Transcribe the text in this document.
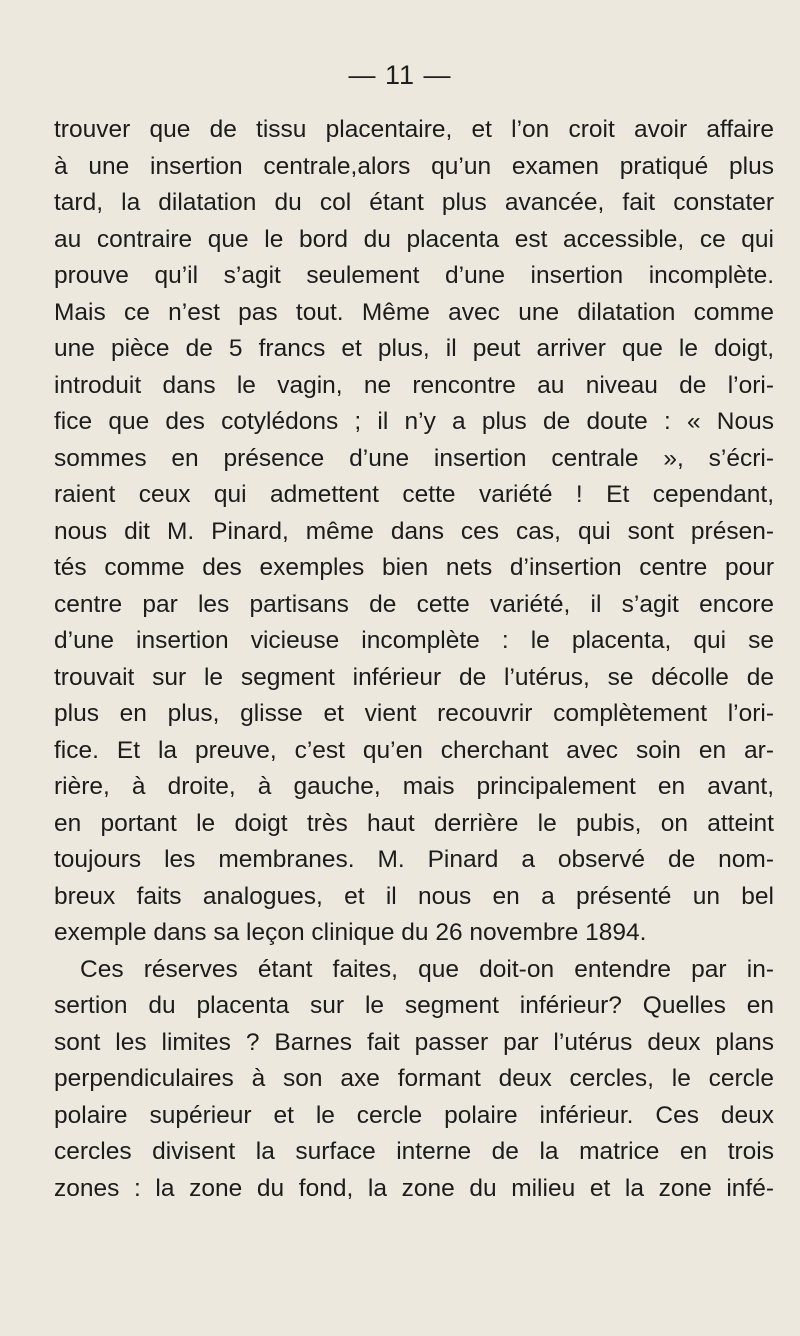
— 11 —
trouver que de tissu placentaire, et l’on croit avoir affaire
à une insertion centrale,alors qu’un examen pratiqué plus
tard, la dilatation du col étant plus avancée, fait constater
au contraire que le bord du placenta est accessible, ce qui
prouve qu’il s’agit seulement d’une insertion incomplète.
Mais ce n’est pas tout. Même avec une dilatation comme
une pièce de 5 francs et plus, il peut arriver que le doigt,
introduit dans le vagin, ne rencontre au niveau de l’ori-
fice que des cotylédons ; il n’y a plus de doute : « Nous
sommes en présence d’une insertion centrale », s’écri-
raient ceux qui admettent cette variété ! Et cependant,
nous dit M. Pinard, même dans ces cas, qui sont présen-
tés comme des exemples bien nets d’insertion centre pour
centre par les partisans de cette variété, il s’agit encore
d’une insertion vicieuse incomplète : le placenta, qui se
trouvait sur le segment inférieur de l’utérus, se décolle de
plus en plus, glisse et vient recouvrir complètement l’ori-
fice. Et la preuve, c’est qu’en cherchant avec soin en ar-
rière, à droite, à gauche, mais principalement en avant,
en portant le doigt très haut derrière le pubis, on atteint
toujours les membranes. M. Pinard a observé de nom-
breux faits analogues, et il nous en a présenté un bel
exemple dans sa leçon clinique du 26 novembre 1894.
Ces réserves étant faites, que doit-on entendre par in-
sertion du placenta sur le segment inférieur? Quelles en
sont les limites ? Barnes fait passer par l’utérus deux plans
perpendiculaires à son axe formant deux cercles, le cercle
polaire supérieur et le cercle polaire inférieur. Ces deux
cercles divisent la surface interne de la matrice en trois
zones : la zone du fond, la zone du milieu et la zone infé-
